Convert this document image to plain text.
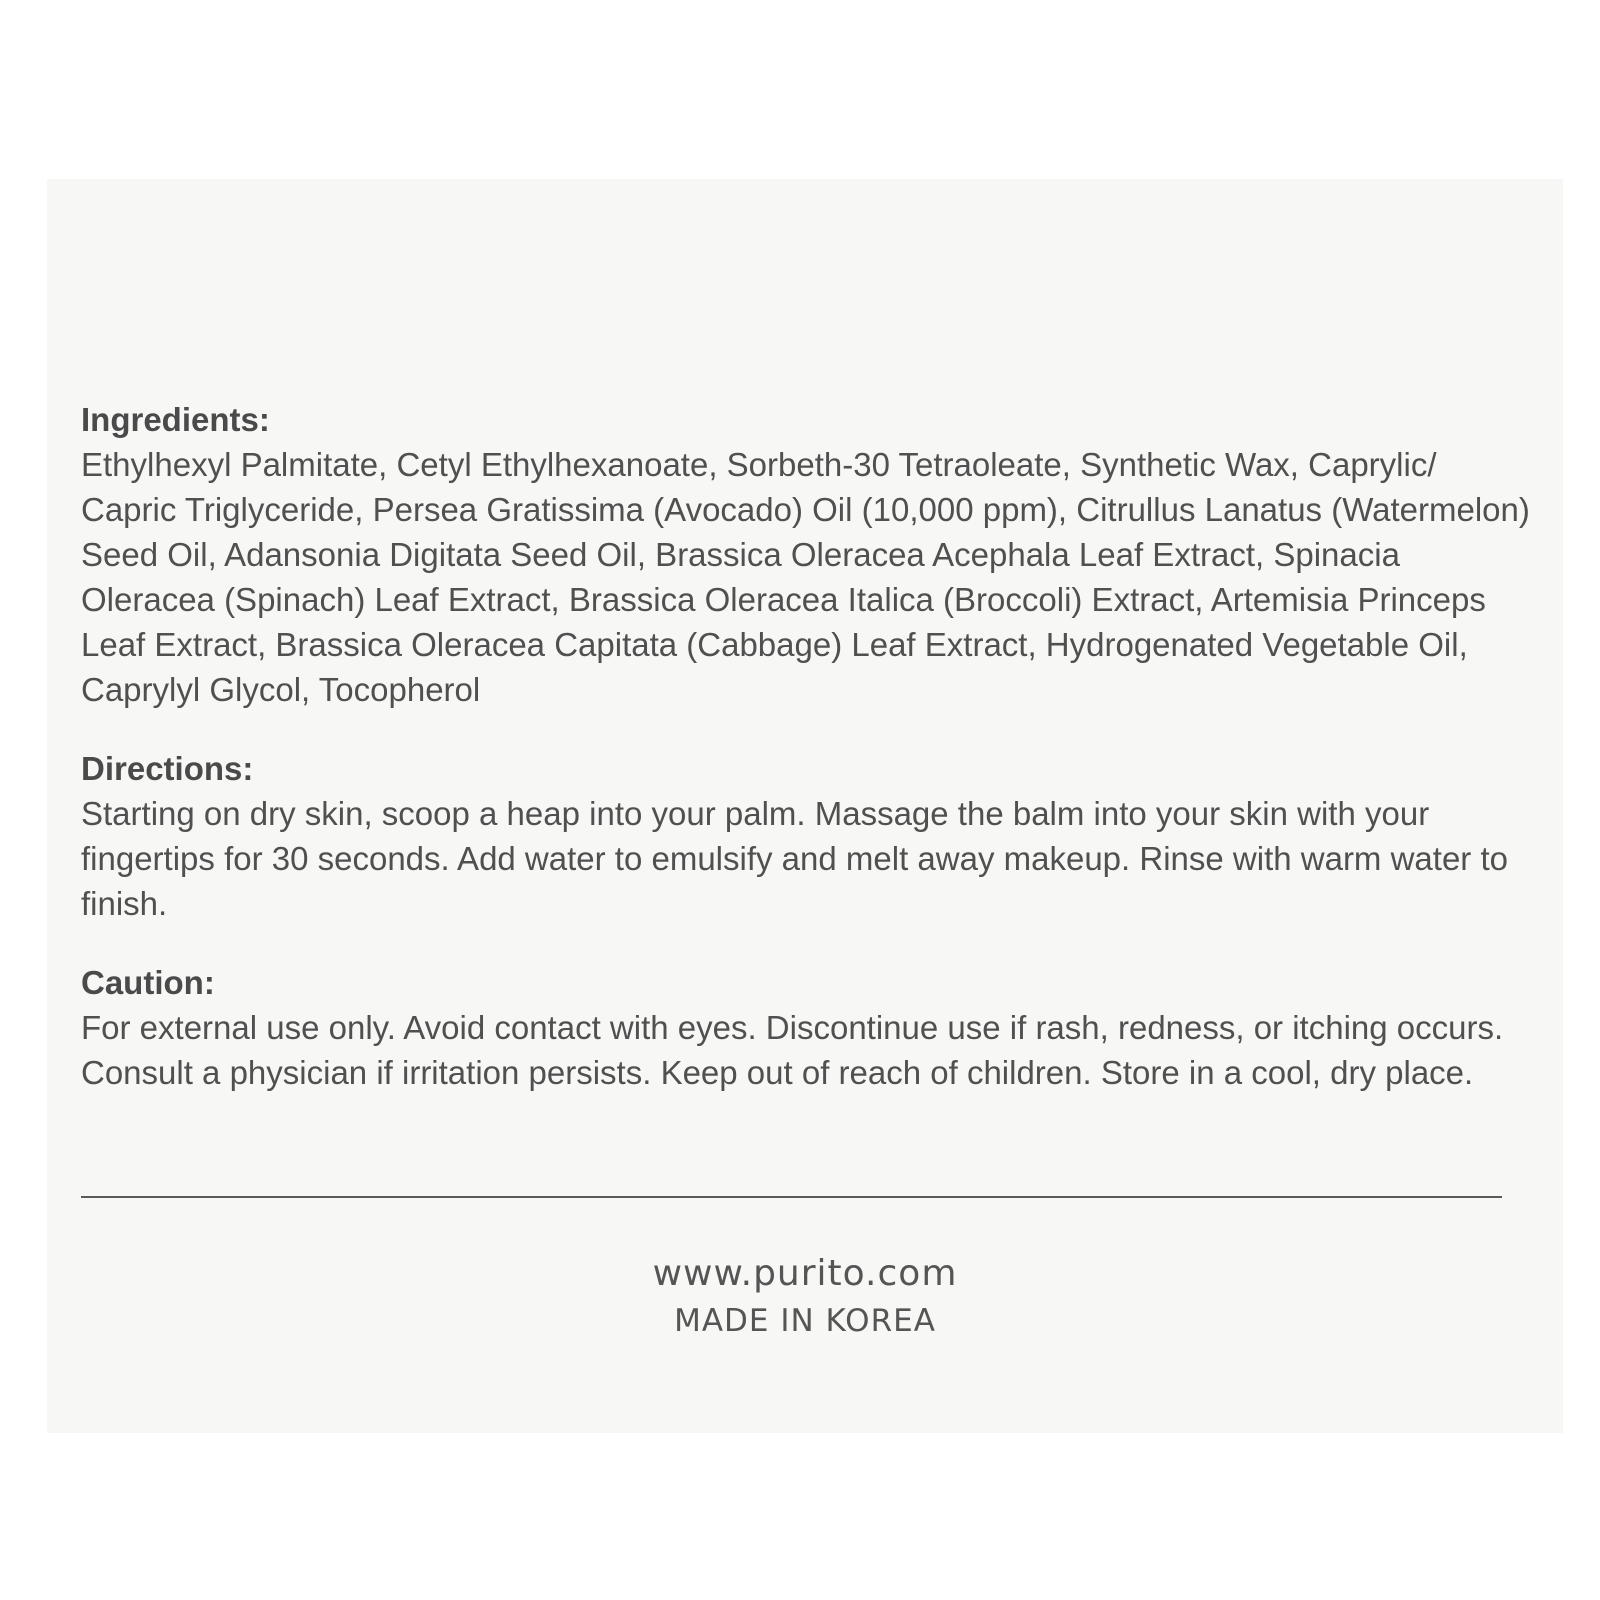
Ingredients:

Ethylhexyl Palmitate, Cetyl Ethylhexanoate, Sorbeth-30 Tetraoleate, Synthetic Wax, Caprylic/ Capric Triglyceride, Persea Gratissima (Avocado) Oil (10,000 ppm), Citrullus Lanatus (Watermelon) Seed Oil, Adansonia Digitata Seed Oil, Brassica Oleracea Acephala Leaf Extract, Spinacia Oleracea (Spinach) Leaf Extract, Brassica Oleracea Italica (Broccoli) Extract, Artemisia Princeps Leaf Extract, Brassica Oleracea Capitata (Cabbage) Leaf Extract, Hydrogenated Vegetable Oil, Caprylyl Glycol, Tocopherol

Directions:

Starting on dry skin, scoop a heap into your palm. Massage the balm into your skin with your fingertips for 30 seconds. Add water to emulsify and melt away makeup. Rinse with warm water to finish.

Caution:

For external use only. Avoid contact with eyes. Discontinue use if rash, redness, or itching occurs. Consult a physician if irritation persists. Keep out of reach of children. Store in a cool, dry place.

www.purito.com

MADE IN KOREA
